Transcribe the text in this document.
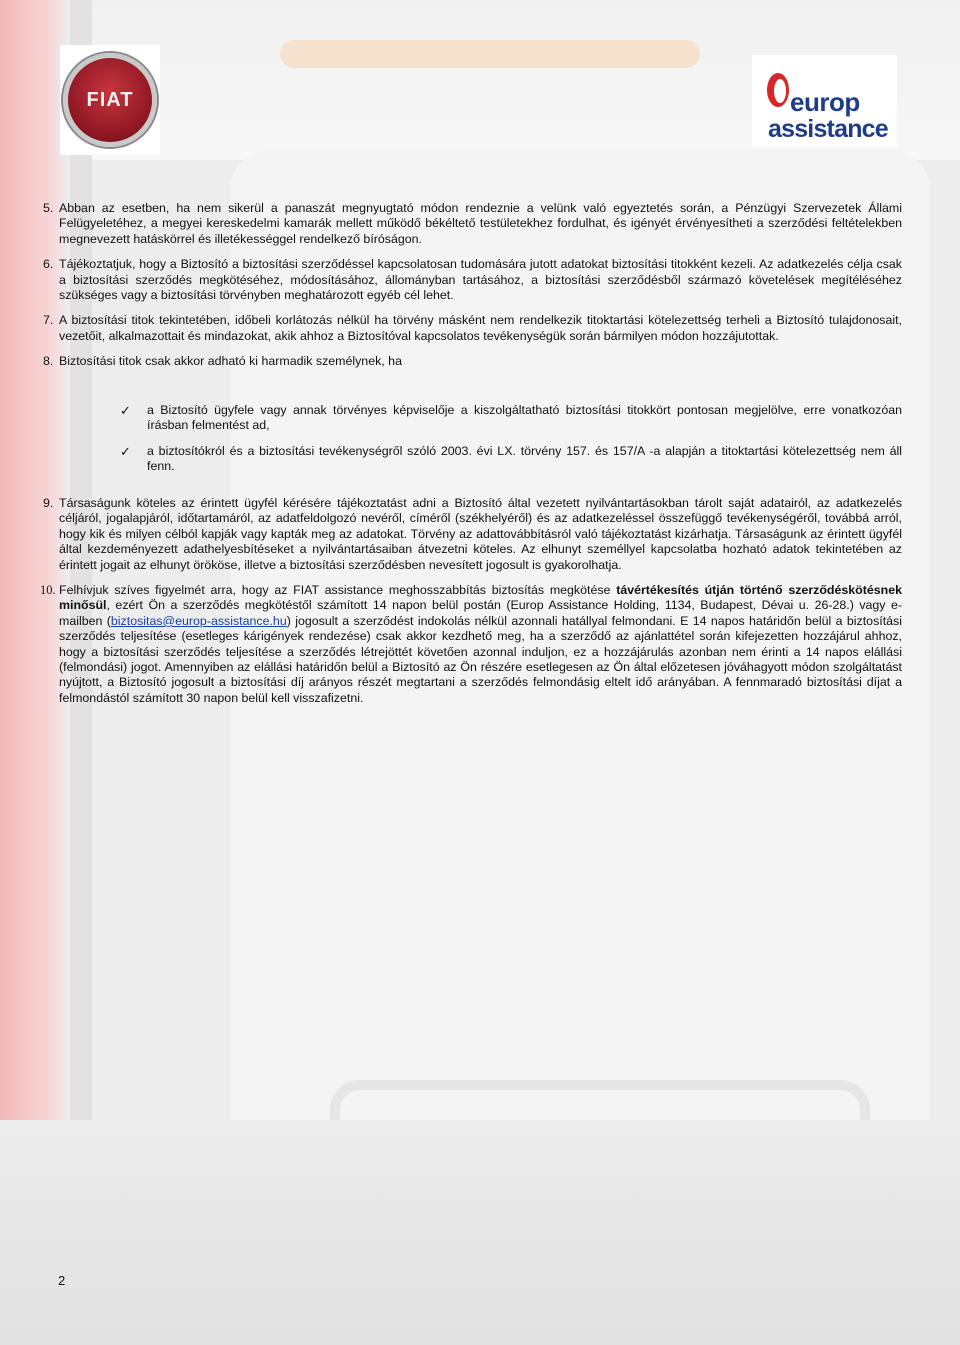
FIAT	europ
assistance

5. Abban az esetben, ha nem sikerül a panaszát megnyugtató módon rendeznie a velünk való egyeztetés során, a Pénzügyi Szervezetek Állami Felügyeletéhez, a megyei kereskedelmi kamarák mellett működő békéltető testületekhez fordulhat, és igényét érvényesítheti a szerződési feltételekben megnevezett hatáskörrel és illetékességgel rendelkező bíróságon.

6. Tájékoztatjuk, hogy a Biztosító a biztosítási szerződéssel kapcsolatosan tudomására jutott adatokat biztosítási titokként kezeli. Az adatkezelés célja csak a biztosítási szerződés megkötéséhez, módosításához, állományban tartásához, a biztosítási szerződésből származó követelések megítéléséhez szükséges vagy a biztosítási törvényben meghatározott egyéb cél lehet.

7. A biztosítási titok tekintetében, időbeli korlátozás nélkül ha törvény másként nem rendelkezik titoktartási kötelezettség terheli a Biztosító tulajdonosait, vezetőit, alkalmazottait és mindazokat, akik ahhoz a Biztosítóval kapcsolatos tevékenységük során bármilyen módon hozzájutottak.

8. Biztosítási titok csak akkor adható ki harmadik személynek, ha

✓ a Biztosító ügyfele vagy annak törvényes képviselője a kiszolgáltatható biztosítási titokkört pontosan megjelölve, erre vonatkozóan írásban felmentést ad,

✓ a biztosítókról és a biztosítási tevékenységről szóló 2003. évi LX. törvény 157. és 157/A -a alapján a titoktartási kötelezettség nem áll fenn.

9. Társaságunk köteles az érintett ügyfél kérésére tájékoztatást adni a Biztosító által vezetett nyilvántartásokban tárolt saját adatairól, az adatkezelés céljáról, jogalapjáról, időtartamáról, az adatfeldolgozó nevéről, címéről (székhelyéről) és az adatkezeléssel összefüggő tevékenységéről, továbbá arról, hogy kik és milyen célból kapják vagy kapták meg az adatokat. Törvény az adattovábbításról való tájékoztatást kizárhatja. Társaságunk az érintett ügyfél által kezdeményezett adathelyesbítéseket a nyilvántartásaiban átvezetni köteles. Az elhunyt személlyel kapcsolatba hozható adatok tekintetében az érintett jogait az elhunyt örököse, illetve a biztosítási szerződésben nevesített jogosult is gyakorolhatja.

10. Felhívjuk szíves figyelmét arra, hogy az FIAT assistance meghosszabbítás biztosítás megkötése távértékesítés útján történő szerződéskötésnek minősül, ezért Ön a szerződés megkötéstől számított 14 napon belül postán (Europ Assistance Holding, 1134, Budapest, Dévai u. 26-28.) vagy e-mailben (biztositas@europ-assistance.hu) jogosult a szerződést indokolás nélkül azonnali hatállyal felmondani. E 14 napos határidőn belül a biztosítási szerződés teljesítése (esetleges kárigények rendezése) csak akkor kezdhető meg, ha a szerződő az ajánlattétel során kifejezetten hozzájárul ahhoz, hogy a biztosítási szerződés teljesítése a szerződés létrejöttét követően azonnal induljon, ez a hozzájárulás azonban nem érinti a 14 napos elállási (felmondási) jogot. Amennyiben az elállási határidőn belül a Biztosító az Ön részére esetlegesen az Ön által előzetesen jóváhagyott módon szolgáltatást nyújtott, a Biztosító jogosult a biztosítási díj arányos részét megtartani a szerződés felmondásig eltelt idő arányában. A fennmaradó biztosítási díjat a felmondástól számított 30 napon belül kell visszafizetni.

2
